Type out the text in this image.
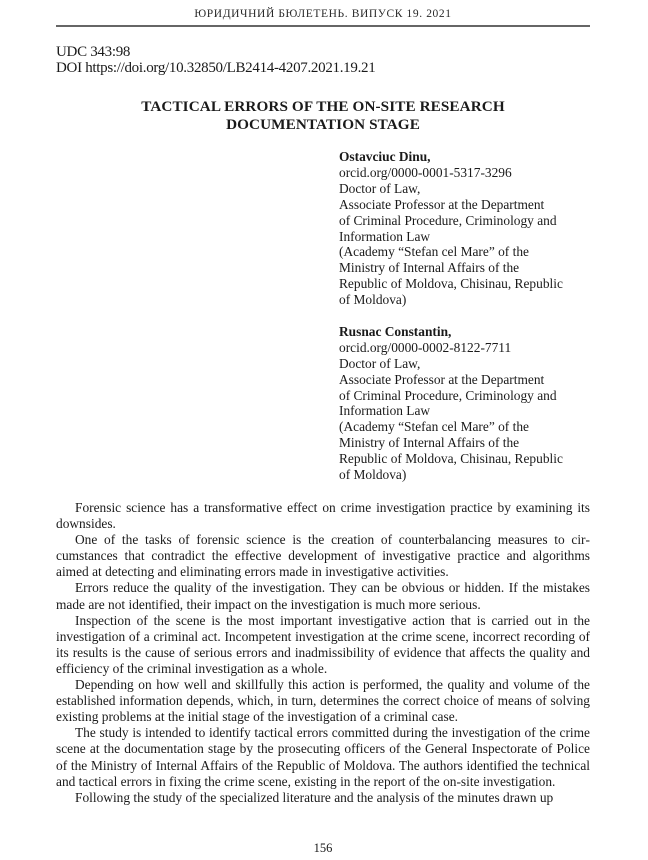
ЮРИДИЧНИЙ БЮЛЕТЕНЬ. ВИПУСК 19. 2021
UDC 343:98
DOI https://doi.org/10.32850/LB2414-4207.2021.19.21
TACTICAL ERRORS OF THE ON-SITE RESEARCH
DOCUMENTATION STAGE
Ostavciuc Dinu,
orcid.org/0000-0001-5317-3296
Doctor of Law,
Associate Professor at the Department
of Criminal Procedure, Criminology and
Information Law
(Academy “Stefan cel Mare” of the
Ministry of Internal Affairs of the
Republic of Moldova, Chisinau, Republic
of Moldova)
Rusnac Constantin,
orcid.org/0000-0002-8122-7711
Doctor of Law,
Associate Professor at the Department
of Criminal Procedure, Criminology and
Information Law
(Academy “Stefan cel Mare” of the
Ministry of Internal Affairs of the
Republic of Moldova, Chisinau, Republic
of Moldova)

Forensic science has a transformative effect on crime investigation practice by examining its downsides.

One of the tasks of forensic science is the creation of counterbalancing measures to circumstances that contradict the effective development of investigative practice and algorithms aimed at detecting and eliminating errors made in investigative activities.

Errors reduce the quality of the investigation. They can be obvious or hidden. If the mistakes made are not identified, their impact on the investigation is much more serious.

Inspection of the scene is the most important investigative action that is carried out in the investigation of a criminal act. Incompetent investigation at the crime scene, incorrect recording of its results is the cause of serious errors and inadmissibility of evidence that affects the quality and efficiency of the criminal investigation as a whole.

Depending on how well and skillfully this action is performed, the quality and volume of the established information depends, which, in turn, determines the correct choice of means of solving existing problems at the initial stage of the investigation of a criminal case.

The study is intended to identify tactical errors committed during the investigation of the crime scene at the documentation stage by the prosecuting officers of the General Inspectorate of Police of the Ministry of Internal Affairs of the Republic of Moldova. The authors identified the technical and tactical errors in fixing the crime scene, existing in the report of the on-site investigation.

Following the study of the specialized literature and the analysis of the minutes drawn up

156
